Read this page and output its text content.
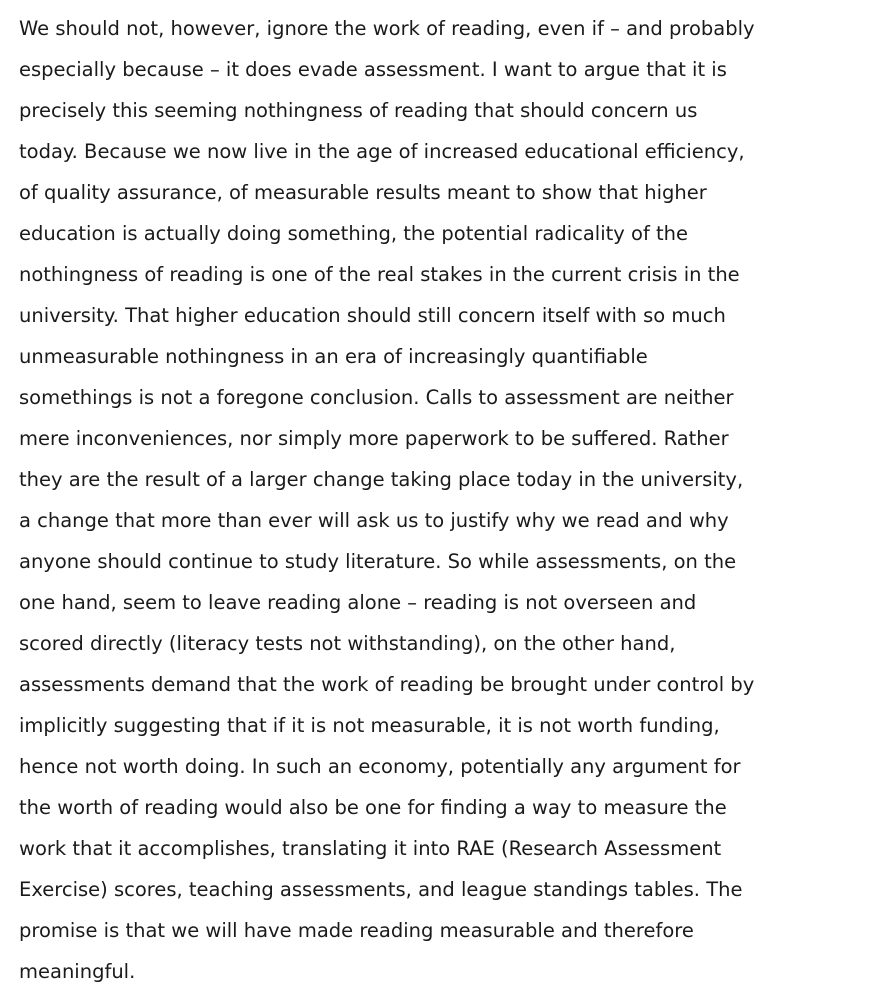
We should not, however, ignore the work of reading, even if – and probably
especially because – it does evade assessment. I want to argue that it is
precisely this seeming nothingness of reading that should concern us
today. Because we now live in the age of increased educational efficiency,
of quality assurance, of measurable results meant to show that higher
education is actually doing something, the potential radicality of the
nothingness of reading is one of the real stakes in the current crisis in the
university. That higher education should still concern itself with so much
unmeasurable nothingness in an era of increasingly quantifiable
somethings is not a foregone conclusion. Calls to assessment are neither
mere inconveniences, nor simply more paperwork to be suffered. Rather
they are the result of a larger change taking place today in the university,
a change that more than ever will ask us to justify why we read and why
anyone should continue to study literature. So while assessments, on the
one hand, seem to leave reading alone – reading is not overseen and
scored directly (literacy tests not withstanding), on the other hand,
assessments demand that the work of reading be brought under control by
implicitly suggesting that if it is not measurable, it is not worth funding,
hence not worth doing. In such an economy, potentially any argument for
the worth of reading would also be one for finding a way to measure the
work that it accomplishes, translating it into RAE (Research Assessment
Exercise) scores, teaching assessments, and league standings tables. The
promise is that we will have made reading measurable and therefore
meaningful.
